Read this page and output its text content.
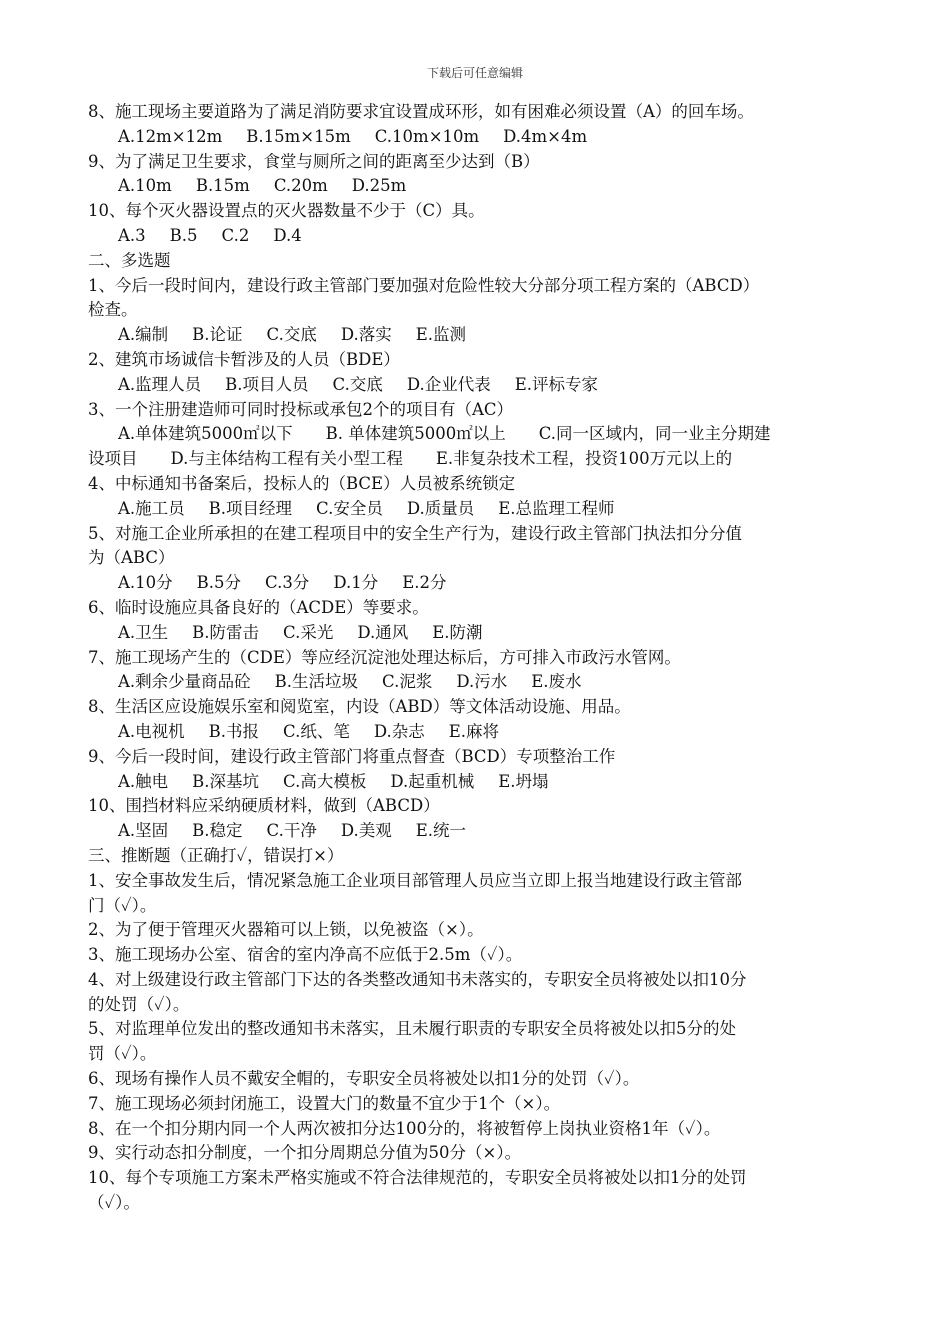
下载后可任意编辑
8、施工现场主要道路为了满足消防要求宜设置成环形，如有困难必须设置（A）的回车场。
A.12m×12m B.15m×15m C.10m×10m D.4m×4m
9、为了满足卫生要求，食堂与厕所之间的距离至少达到（B）
A.10m B.15m C.20m D.25m
10、每个灭火器设置点的灭火器数量不少于（C）具。
A.3 B.5 C.2 D.4
二、多选题
1、今后一段时间内，建设行政主管部门要加强对危险性较大分部分项工程方案的（ABCD）
检查。
A.编制 B.论证 C.交底 D.落实 E.监测
2、建筑市场诚信卡暂涉及的人员（BDE）
A.监理人员 B.项目人员 C.交底 D.企业代表 E.评标专家
3、一个注册建造师可同时投标或承包2个的项目有（AC）
A.单体建筑5000㎡以下　　B. 单体建筑5000㎡以上　　C.同一区域内，同一业主分期建
设项目　　D.与主体结构工程有关小型工程　　E.非复杂技术工程，投资100万元以上的
4、中标通知书备案后，投标人的（BCE）人员被系统锁定
A.施工员 B.项目经理 C.安全员 D.质量员 E.总监理工程师
5、对施工企业所承担的在建工程项目中的安全生产行为，建设行政主管部门执法扣分分值
为（ABC）
A.10分 B.5分 C.3分 D.1分 E.2分
6、临时设施应具备良好的（ACDE）等要求。
A.卫生 B.防雷击 C.采光 D.通风 E.防潮
7、施工现场产生的（CDE）等应经沉淀池处理达标后，方可排入市政污水管网。
A.剩余少量商品砼 B.生活垃圾 C.泥浆 D.污水 E.废水
8、生活区应设施娱乐室和阅览室，内设（ABD）等文体活动设施、用品。
A.电视机 B.书报 C.纸、笔 D.杂志 E.麻将
9、今后一段时间，建设行政主管部门将重点督查（BCD）专项整治工作
A.触电 B.深基坑 C.高大模板 D.起重机械 E.坍塌
10、围挡材料应采纳硬质材料，做到（ABCD）
A.坚固 B.稳定 C.干净 D.美观 E.统一
三、推断题（正确打✓，错误打×）
1、安全事故发生后，情况紧急施工企业项目部管理人员应当立即上报当地建设行政主管部
门（✓）。
2、为了便于管理灭火器箱可以上锁，以免被盗（×）。
3、施工现场办公室、宿舍的室内净高不应低于2.5m（✓）。
4、对上级建设行政主管部门下达的各类整改通知书未落实的，专职安全员将被处以扣10分
的处罚（✓）。
5、对监理单位发出的整改通知书未落实，且未履行职责的专职安全员将被处以扣5分的处
罚（✓）。
6、现场有操作人员不戴安全帽的，专职安全员将被处以扣1分的处罚（✓）。
7、施工现场必须封闭施工，设置大门的数量不宜少于1个（×）。
8、在一个扣分期内同一个人两次被扣分达100分的，将被暂停上岗执业资格1年（✓）。
9、实行动态扣分制度，一个扣分周期总分值为50分（×）。
10、每个专项施工方案未严格实施或不符合法律规范的，专职安全员将被处以扣1分的处罚
（✓）。
